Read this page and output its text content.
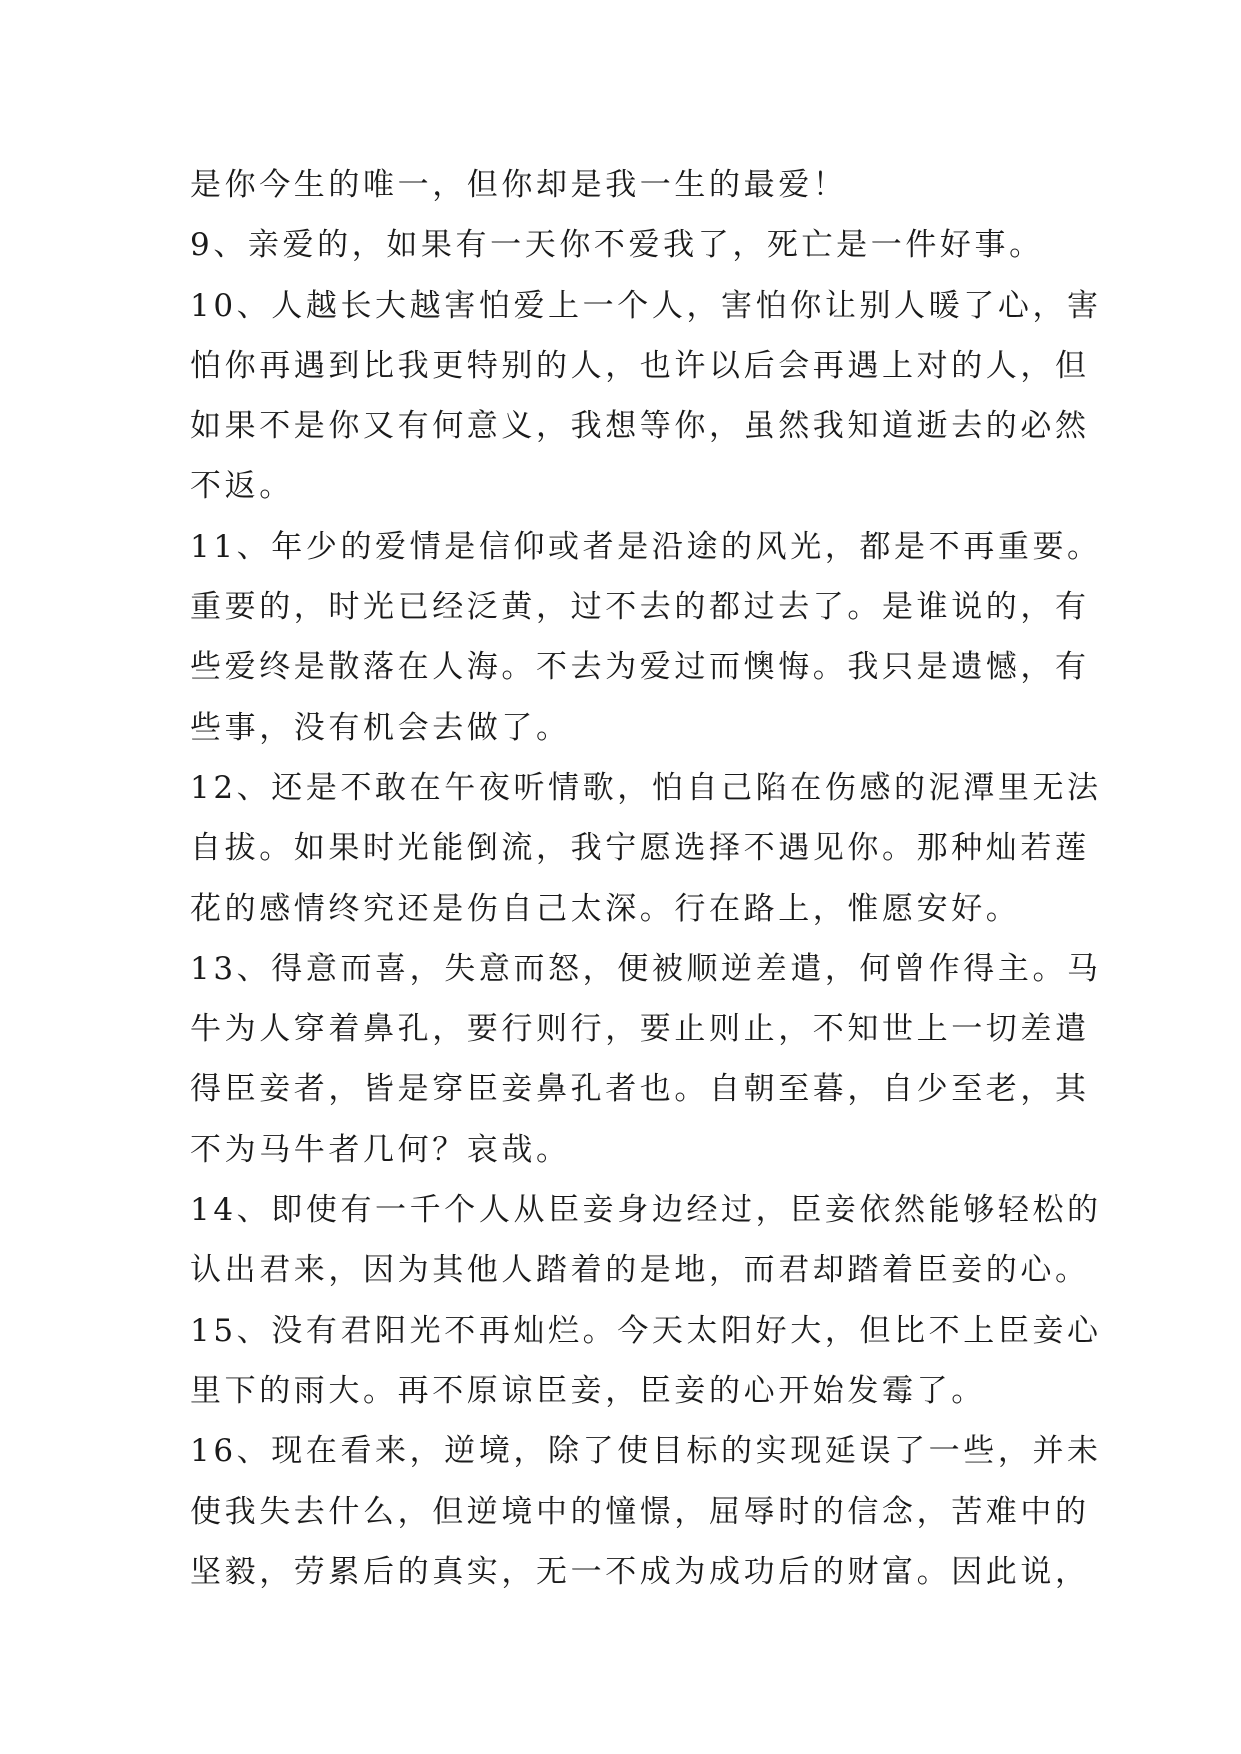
是你今生的唯一，但你却是我一生的最爱！
9、亲爱的，如果有一天你不爱我了，死亡是一件好事。
10、人越长大越害怕爱上一个人，害怕你让别人暖了心，害
怕你再遇到比我更特别的人，也许以后会再遇上对的人，但
如果不是你又有何意义，我想等你，虽然我知道逝去的必然
不返。
11、年少的爱情是信仰或者是沿途的风光，都是不再重要。
重要的，时光已经泛黄，过不去的都过去了。是谁说的，有
些爱终是散落在人海。不去为爱过而懊悔。我只是遗憾，有
些事，没有机会去做了。
12、还是不敢在午夜听情歌，怕自己陷在伤感的泥潭里无法
自拔。如果时光能倒流，我宁愿选择不遇见你。那种灿若莲
花的感情终究还是伤自己太深。行在路上，惟愿安好。
13、得意而喜，失意而怒，便被顺逆差遣，何曾作得主。马
牛为人穿着鼻孔，要行则行，要止则止，不知世上一切差遣
得臣妾者，皆是穿臣妾鼻孔者也。自朝至暮，自少至老，其
不为马牛者几何？哀哉。
14、即使有一千个人从臣妾身边经过，臣妾依然能够轻松的
认出君来，因为其他人踏着的是地，而君却踏着臣妾的心。
15、没有君阳光不再灿烂。今天太阳好大，但比不上臣妾心
里下的雨大。再不原谅臣妾，臣妾的心开始发霉了。
16、现在看来，逆境，除了使目标的实现延误了一些，并未
使我失去什么，但逆境中的憧憬，屈辱时的信念，苦难中的
坚毅，劳累后的真实，无一不成为成功后的财富。因此说，
